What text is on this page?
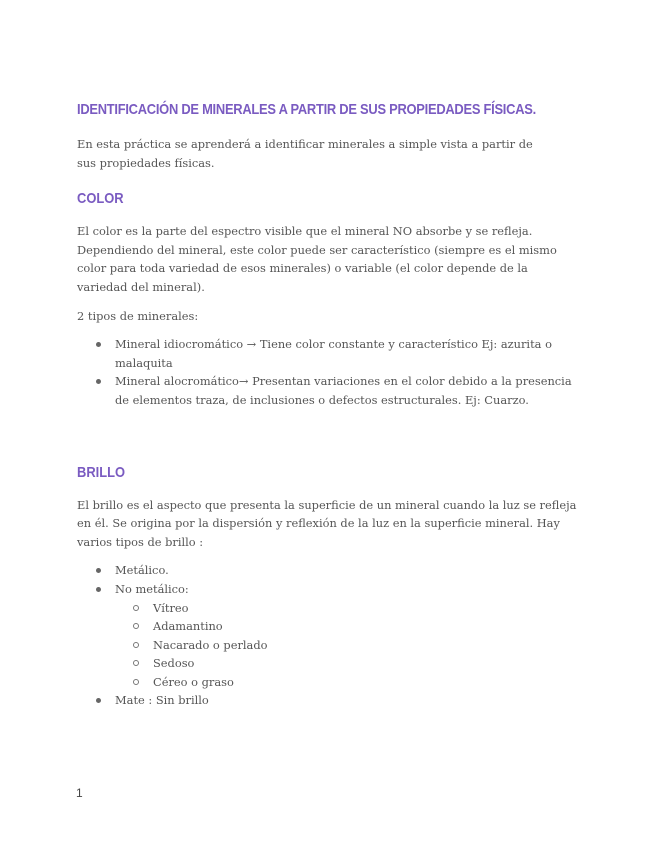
IDENTIFICACIÓN DE MINERALES A PARTIR DE SUS PROPIEDADES FÍSICAS.

En esta práctica se aprenderá a identificar minerales a simple vista a partir de sus propiedades físicas.

COLOR

El color es la parte del espectro visible que el mineral NO absorbe y se refleja. Dependiendo del mineral, este color puede ser característico (siempre es el mismo color para toda variedad de esos minerales) o variable (el color depende de la variedad del mineral).

2 tipos de minerales:

Mineral idiocromático → Tiene color constante y característico Ej: azurita o malaquita
Mineral alocromático→ Presentan variaciones en el color debido a la presencia de elementos traza, de inclusiones o defectos estructurales. Ej: Cuarzo.
BRILLO

El brillo es el aspecto que presenta la superficie de un mineral cuando la luz se refleja en él. Se origina por la dispersión y reflexión de la luz en la superficie mineral. Hay varios tipos de brillo :

Metálico.
No metálico:
Vítreo
Adamantino
Nacarado o perlado
Sedoso
Céreo o graso
Mate : Sin brillo
1
